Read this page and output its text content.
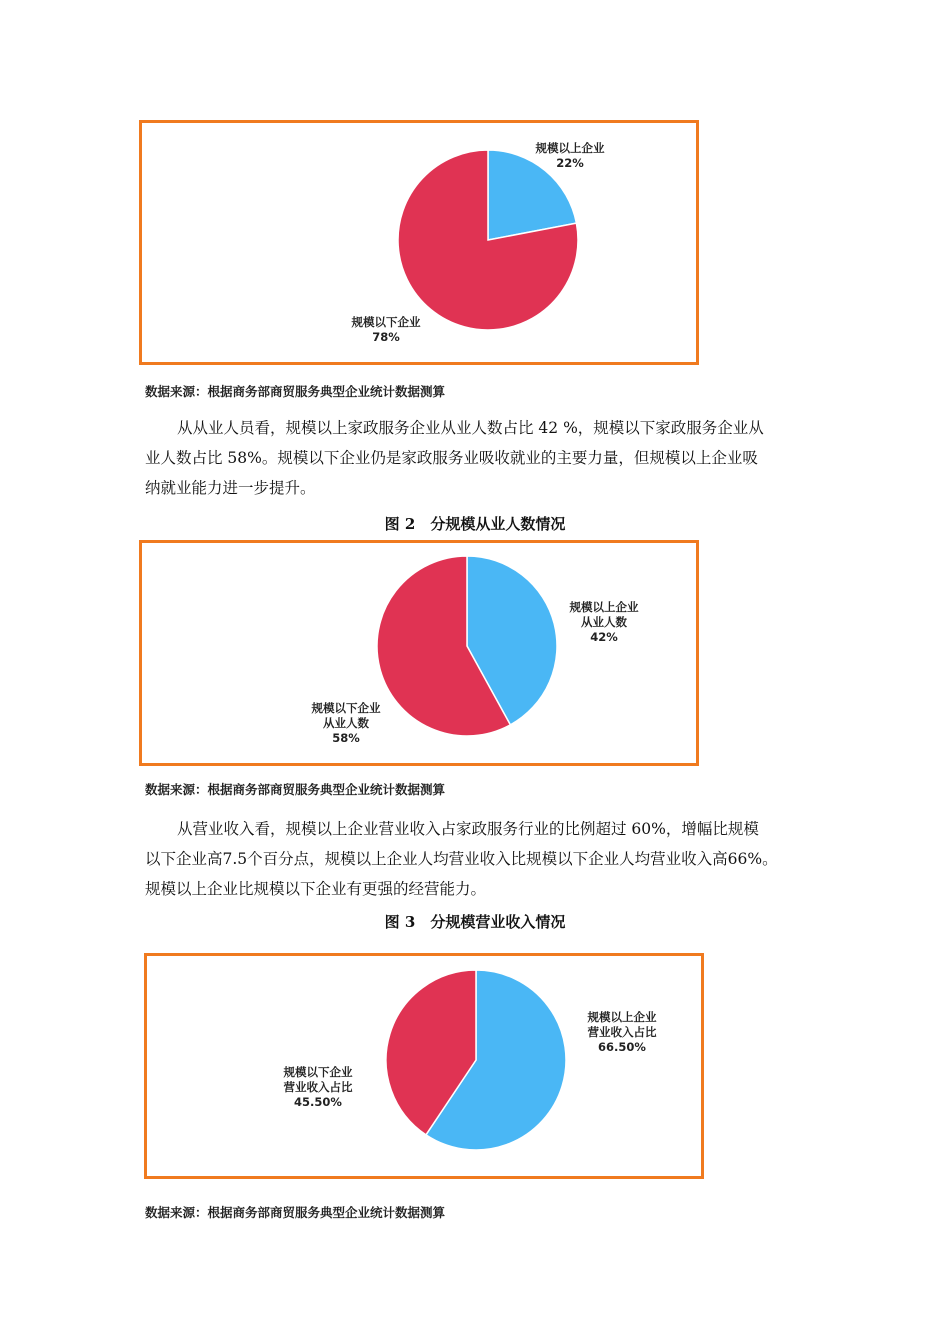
规模以上企业 22%
规模以下企业 78%
数据来源：根据商务部商贸服务典型企业统计数据测算
从从业人员看，规模以上家政服务企业从业人数占比 42 %，规模以下家政服务企业从
业人数占比 58%。规模以下企业仍是家政服务业吸收就业的主要力量，但规模以上企业吸
纳就业能力进一步提升。
图 2　分规模从业人数情况
规模以上企业从业人数 42%
规模以下企业从业人数 58%
数据来源：根据商务部商贸服务典型企业统计数据测算
从营业收入看，规模以上企业营业收入占家政服务行业的比例超过 60%，增幅比规模
以下企业高7.5个百分点，规模以上企业人均营业收入比规模以下企业人均营业收入高66%。
规模以上企业比规模以下企业有更强的经营能力。
图 3　分规模营业收入情况
规模以上企业营业收入占比 66.50%
规模以下企业营业收入占比 45.50%
数据来源：根据商务部商贸服务典型企业统计数据测算
